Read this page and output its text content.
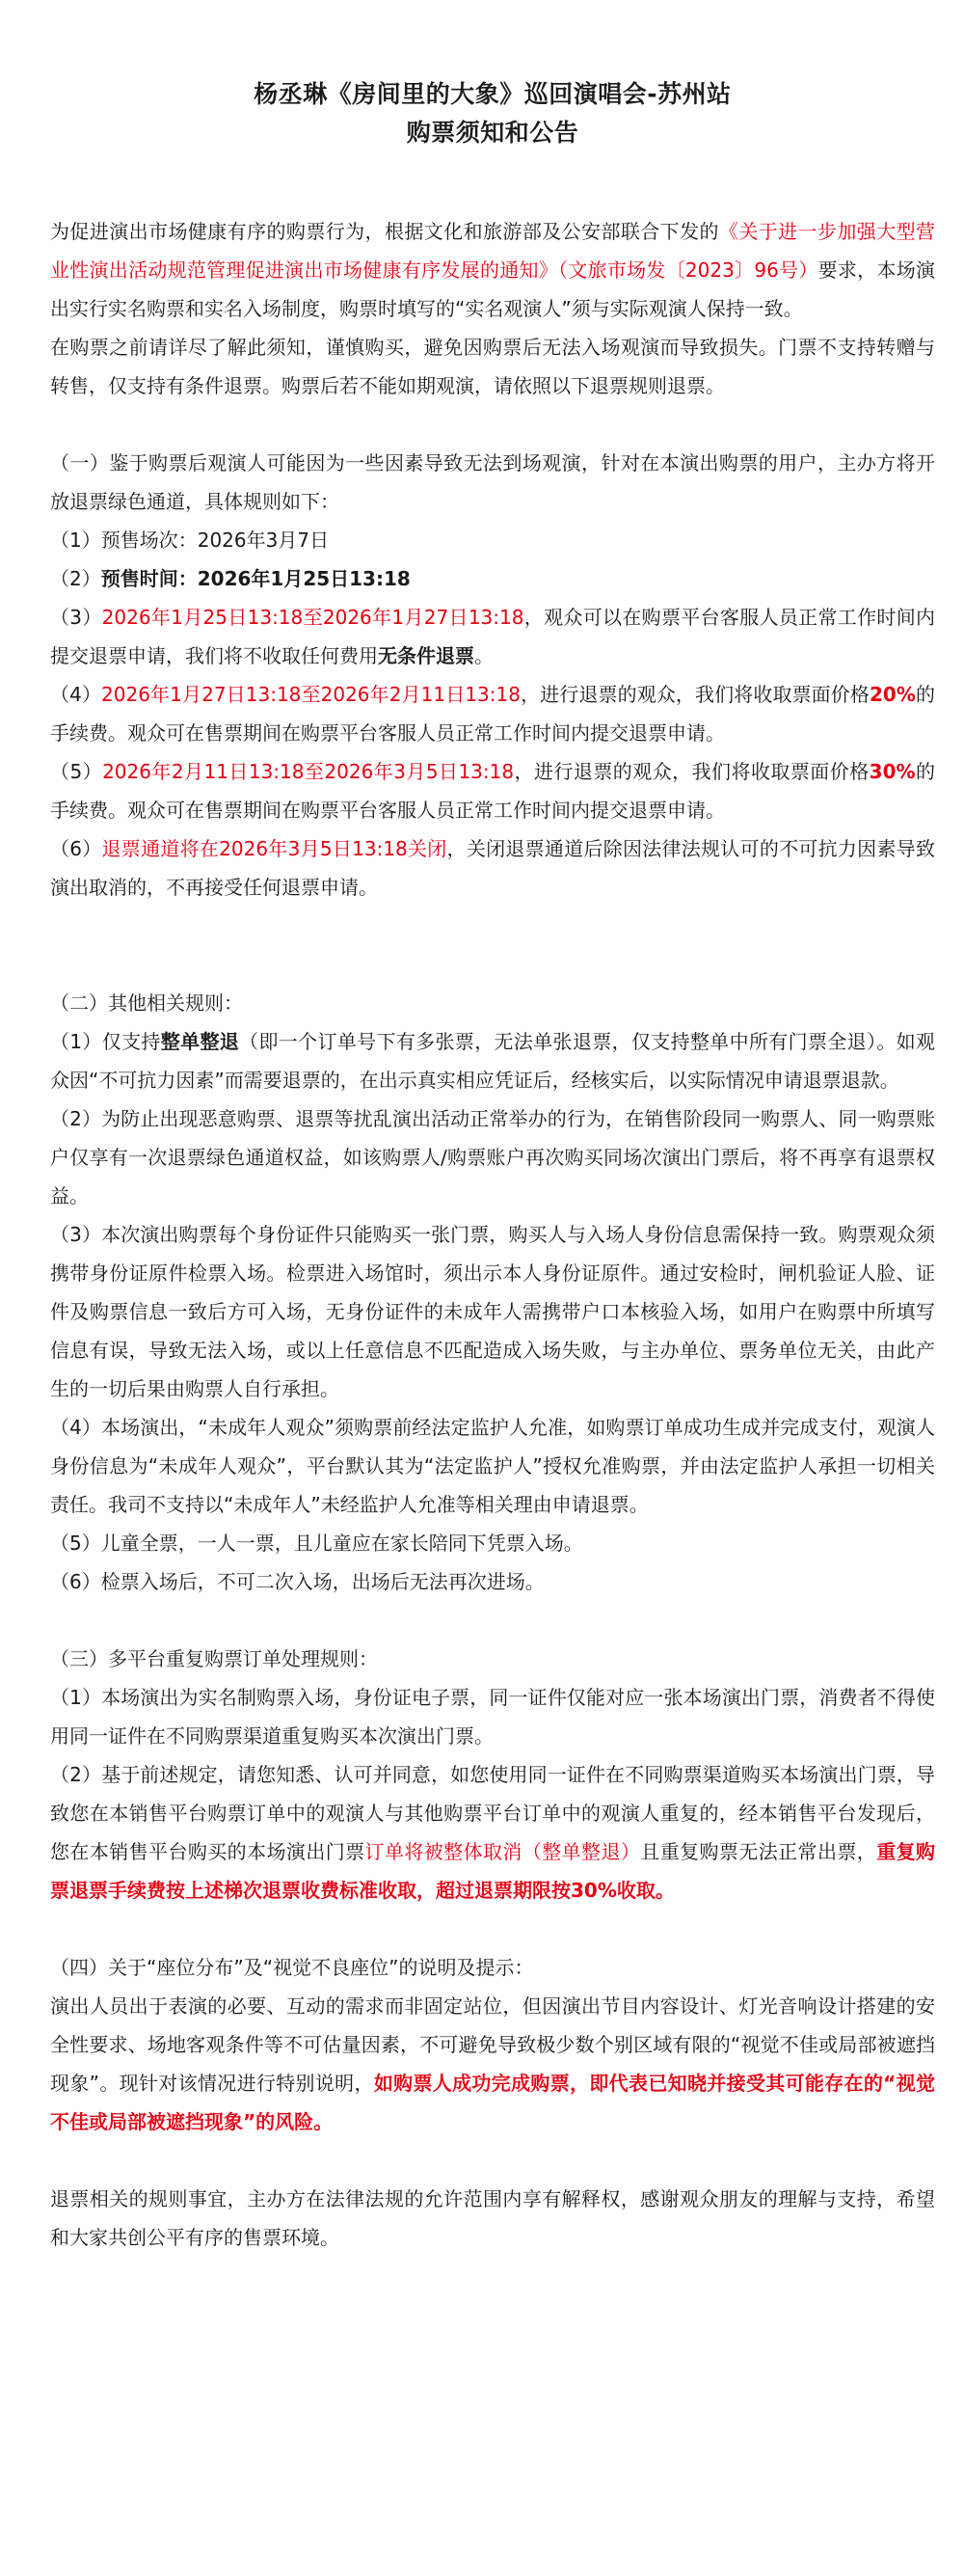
杨丞琳《房间里的大象》巡回演唱会-苏州站

购票须知和公告

为促进演出市场健康有序的购票行为，根据文化和旅游部及公安部联合下发的《关于进一步加强大型营业性演出活动规范管理促进演出市场健康有序发展的通知》（文旅市场发〔2023〕96号）要求，本场演出实行实名购票和实名入场制度，购票时填写的“实名观演人”须与实际观演人保持一致。

在购票之前请详尽了解此须知，谨慎购买，避免因购票后无法入场观演而导致损失。门票不支持转赠与转售，仅支持有条件退票。购票后若不能如期观演，请依照以下退票规则退票。

（一）鉴于购票后观演人可能因为一些因素导致无法到场观演，针对在本演出购票的用户，主办方将开放退票绿色通道，具体规则如下：

（1）预售场次：2026年3月7日

（2）预售时间：2026年1月25日13:18

（3）2026年1月25日13:18至2026年1月27日13:18，观众可以在购票平台客服人员正常工作时间内提交退票申请，我们将不收取任何费用无条件退票。

（4）2026年1月27日13:18至2026年2月11日13:18，进行退票的观众，我们将收取票面价格20%的手续费。观众可在售票期间在购票平台客服人员正常工作时间内提交退票申请。

（5）2026年2月11日13:18至2026年3月5日13:18，进行退票的观众，我们将收取票面价格30%的手续费。观众可在售票期间在购票平台客服人员正常工作时间内提交退票申请。

（6）退票通道将在2026年3月5日13:18关闭，关闭退票通道后除因法律法规认可的不可抗力因素导致演出取消的，不再接受任何退票申请。

（二）其他相关规则：

（1）仅支持整单整退（即一个订单号下有多张票，无法单张退票，仅支持整单中所有门票全退）。如观众因“不可抗力因素”而需要退票的，在出示真实相应凭证后，经核实后，以实际情况申请退票退款。

（2）为防止出现恶意购票、退票等扰乱演出活动正常举办的行为，在销售阶段同一购票人、同一购票账户仅享有一次退票绿色通道权益，如该购票人/购票账户再次购买同场次演出门票后，将不再享有退票权益。

（3）本次演出购票每个身份证件只能购买一张门票，购买人与入场人身份信息需保持一致。购票观众须携带身份证原件检票入场。检票进入场馆时，须出示本人身份证原件。通过安检时，闸机验证人脸、证件及购票信息一致后方可入场，无身份证件的未成年人需携带户口本核验入场，如用户在购票中所填写信息有误，导致无法入场，或以上任意信息不匹配造成入场失败，与主办单位、票务单位无关，由此产生的一切后果由购票人自行承担。

（4）本场演出，“未成年人观众”须购票前经法定监护人允准，如购票订单成功生成并完成支付，观演人身份信息为“未成年人观众”，平台默认其为“法定监护人”授权允准购票，并由法定监护人承担一切相关责任。我司不支持以“未成年人”未经监护人允准等相关理由申请退票。

（5）儿童全票，一人一票，且儿童应在家长陪同下凭票入场。

（6）检票入场后，不可二次入场，出场后无法再次进场。

（三）多平台重复购票订单处理规则：

（1）本场演出为实名制购票入场，身份证电子票，同一证件仅能对应一张本场演出门票，消费者不得使用同一证件在不同购票渠道重复购买本次演出门票。

（2）基于前述规定，请您知悉、认可并同意，如您使用同一证件在不同购票渠道购买本场演出门票，导致您在本销售平台购票订单中的观演人与其他购票平台订单中的观演人重复的，经本销售平台发现后，您在本销售平台购买的本场演出门票订单将被整体取消（整单整退）且重复购票无法正常出票，重复购票退票手续费按上述梯次退票收费标准收取，超过退票期限按30%收取。

（四）关于“座位分布”及“视觉不良座位”的说明及提示：

演出人员出于表演的必要、互动的需求而非固定站位，但因演出节目内容设计、灯光音响设计搭建的安全性要求、场地客观条件等不可估量因素，不可避免导致极少数个别区域有限的“视觉不佳或局部被遮挡现象”。现针对该情况进行特别说明，如购票人成功完成购票，即代表已知晓并接受其可能存在的“视觉不佳或局部被遮挡现象”的风险。

退票相关的规则事宜，主办方在法律法规的允许范围内享有解释权，感谢观众朋友的理解与支持，希望和大家共创公平有序的售票环境。
